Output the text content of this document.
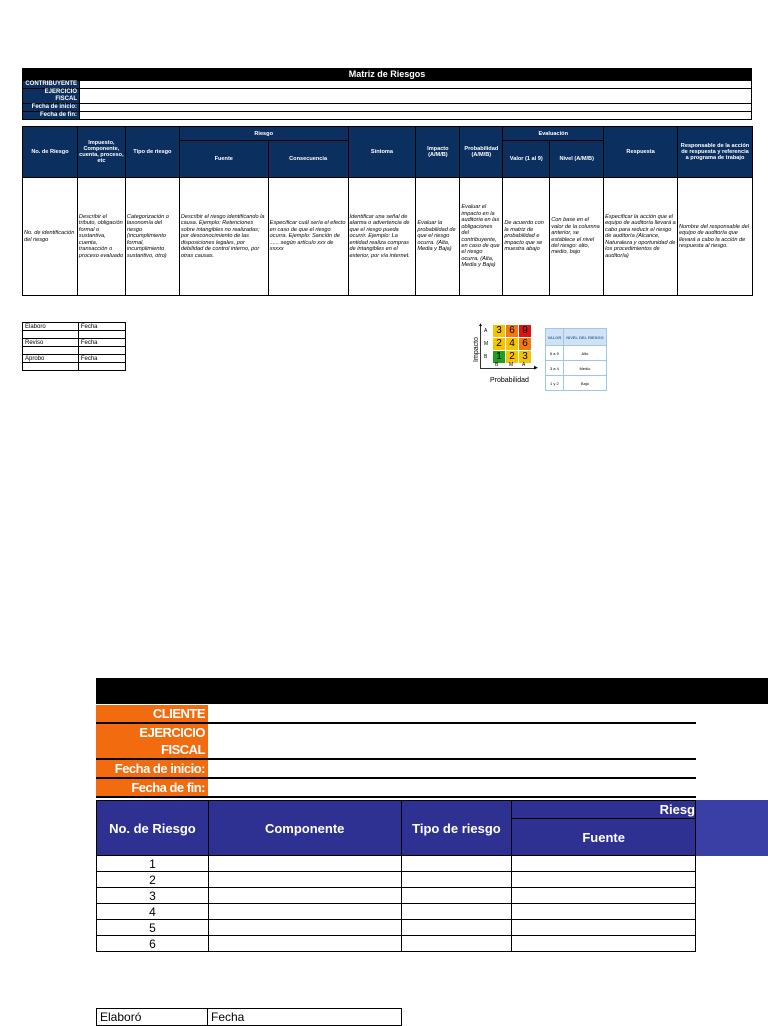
Matriz de Riesgos
CONTRIBUYENTE	
EJERCICIO FISCAL	
Fecha de inicio:	
Fecha de fin:	
No. de Riesgo	Impuesto, Componente, cuenta, proceso, etc	Tipo de riesgo	Riesgo		Síntoma	Impacto (A/M/B)	Probabilidad (A/M/B)	Evaluación		Respuesta	Responsable de la acción de respuesta y referencia a programa de trabajo
			Fuente	Consecuencia				Valor (1 al 9)	Nivel (A/M/B)		
No. de identificación del riesgo	Describir el tributo, obligación formal o sustantiva, cuenta, transacción o proceso evaluado	Categorización o taxonomía del riesgo (incumplimiento formal, incumplimiento sustantivo, otro)	Describir el riesgo identificando la causa. Ejemplo: Retenciones sobre intangibles no realizadas; por desconocimiento de las disposiciones legales, por debilidad de control interno, por otras causas.	Especificar cuál sería el efecto en caso de que el riesgo ocurra. Ejemplo: Sanción de ...... según artículo xxx de xxxxx	Identificar una señal de alarma o advertencia de que el riesgo pueda ocurrir. Ejemplo: La entidad realiza compras de intangibles en el exterior, por vía internet.	Evaluar la probabilidad de que el riesgo ocurra. (Alta, Media y Baja)	Evaluar el impacto en la auditoria en las obligaciones del contribuyente, en caso de que el riesgo ocurra. (Alta, Media y Baja)	De acuerdo con la matriz de probabilidad e impacto que se muestra abajo	Con base en el valor de la columna anterior, se establece el nivel del riesgo: alto, medio, bajo	Especificar la acción que el equipo de auditoría llevará a cabo para reducir el riesgo de auditoría (Alcance, Naturaleza y oportunidad de los procedimientos de auditoría)	Nombre del responsable del equipo de auditoría que llevará a cabo la acción de respuesta al riesgo.
Elaboro	Fecha

Reviso	Fecha

Aprobo	Fecha
		Impacto
A
M
B
▲	3 6 9
2 4 6
1 2 3
▶
B M A
Probabilidad
VALOR	NIVEL DEL RIESGO
6 a 9	Alto
3 a 4	Medio
1 y 2	Bajo
CLIENTE	
EJERCICIO FISCAL	
Fecha de inicio:	
Fecha de fin:	
No. de Riesgo	Componente	Tipo de riesgo	Riesg
			Fuente
1			
2			
3			
4			
5			
6			
Elaboró	Fecha
